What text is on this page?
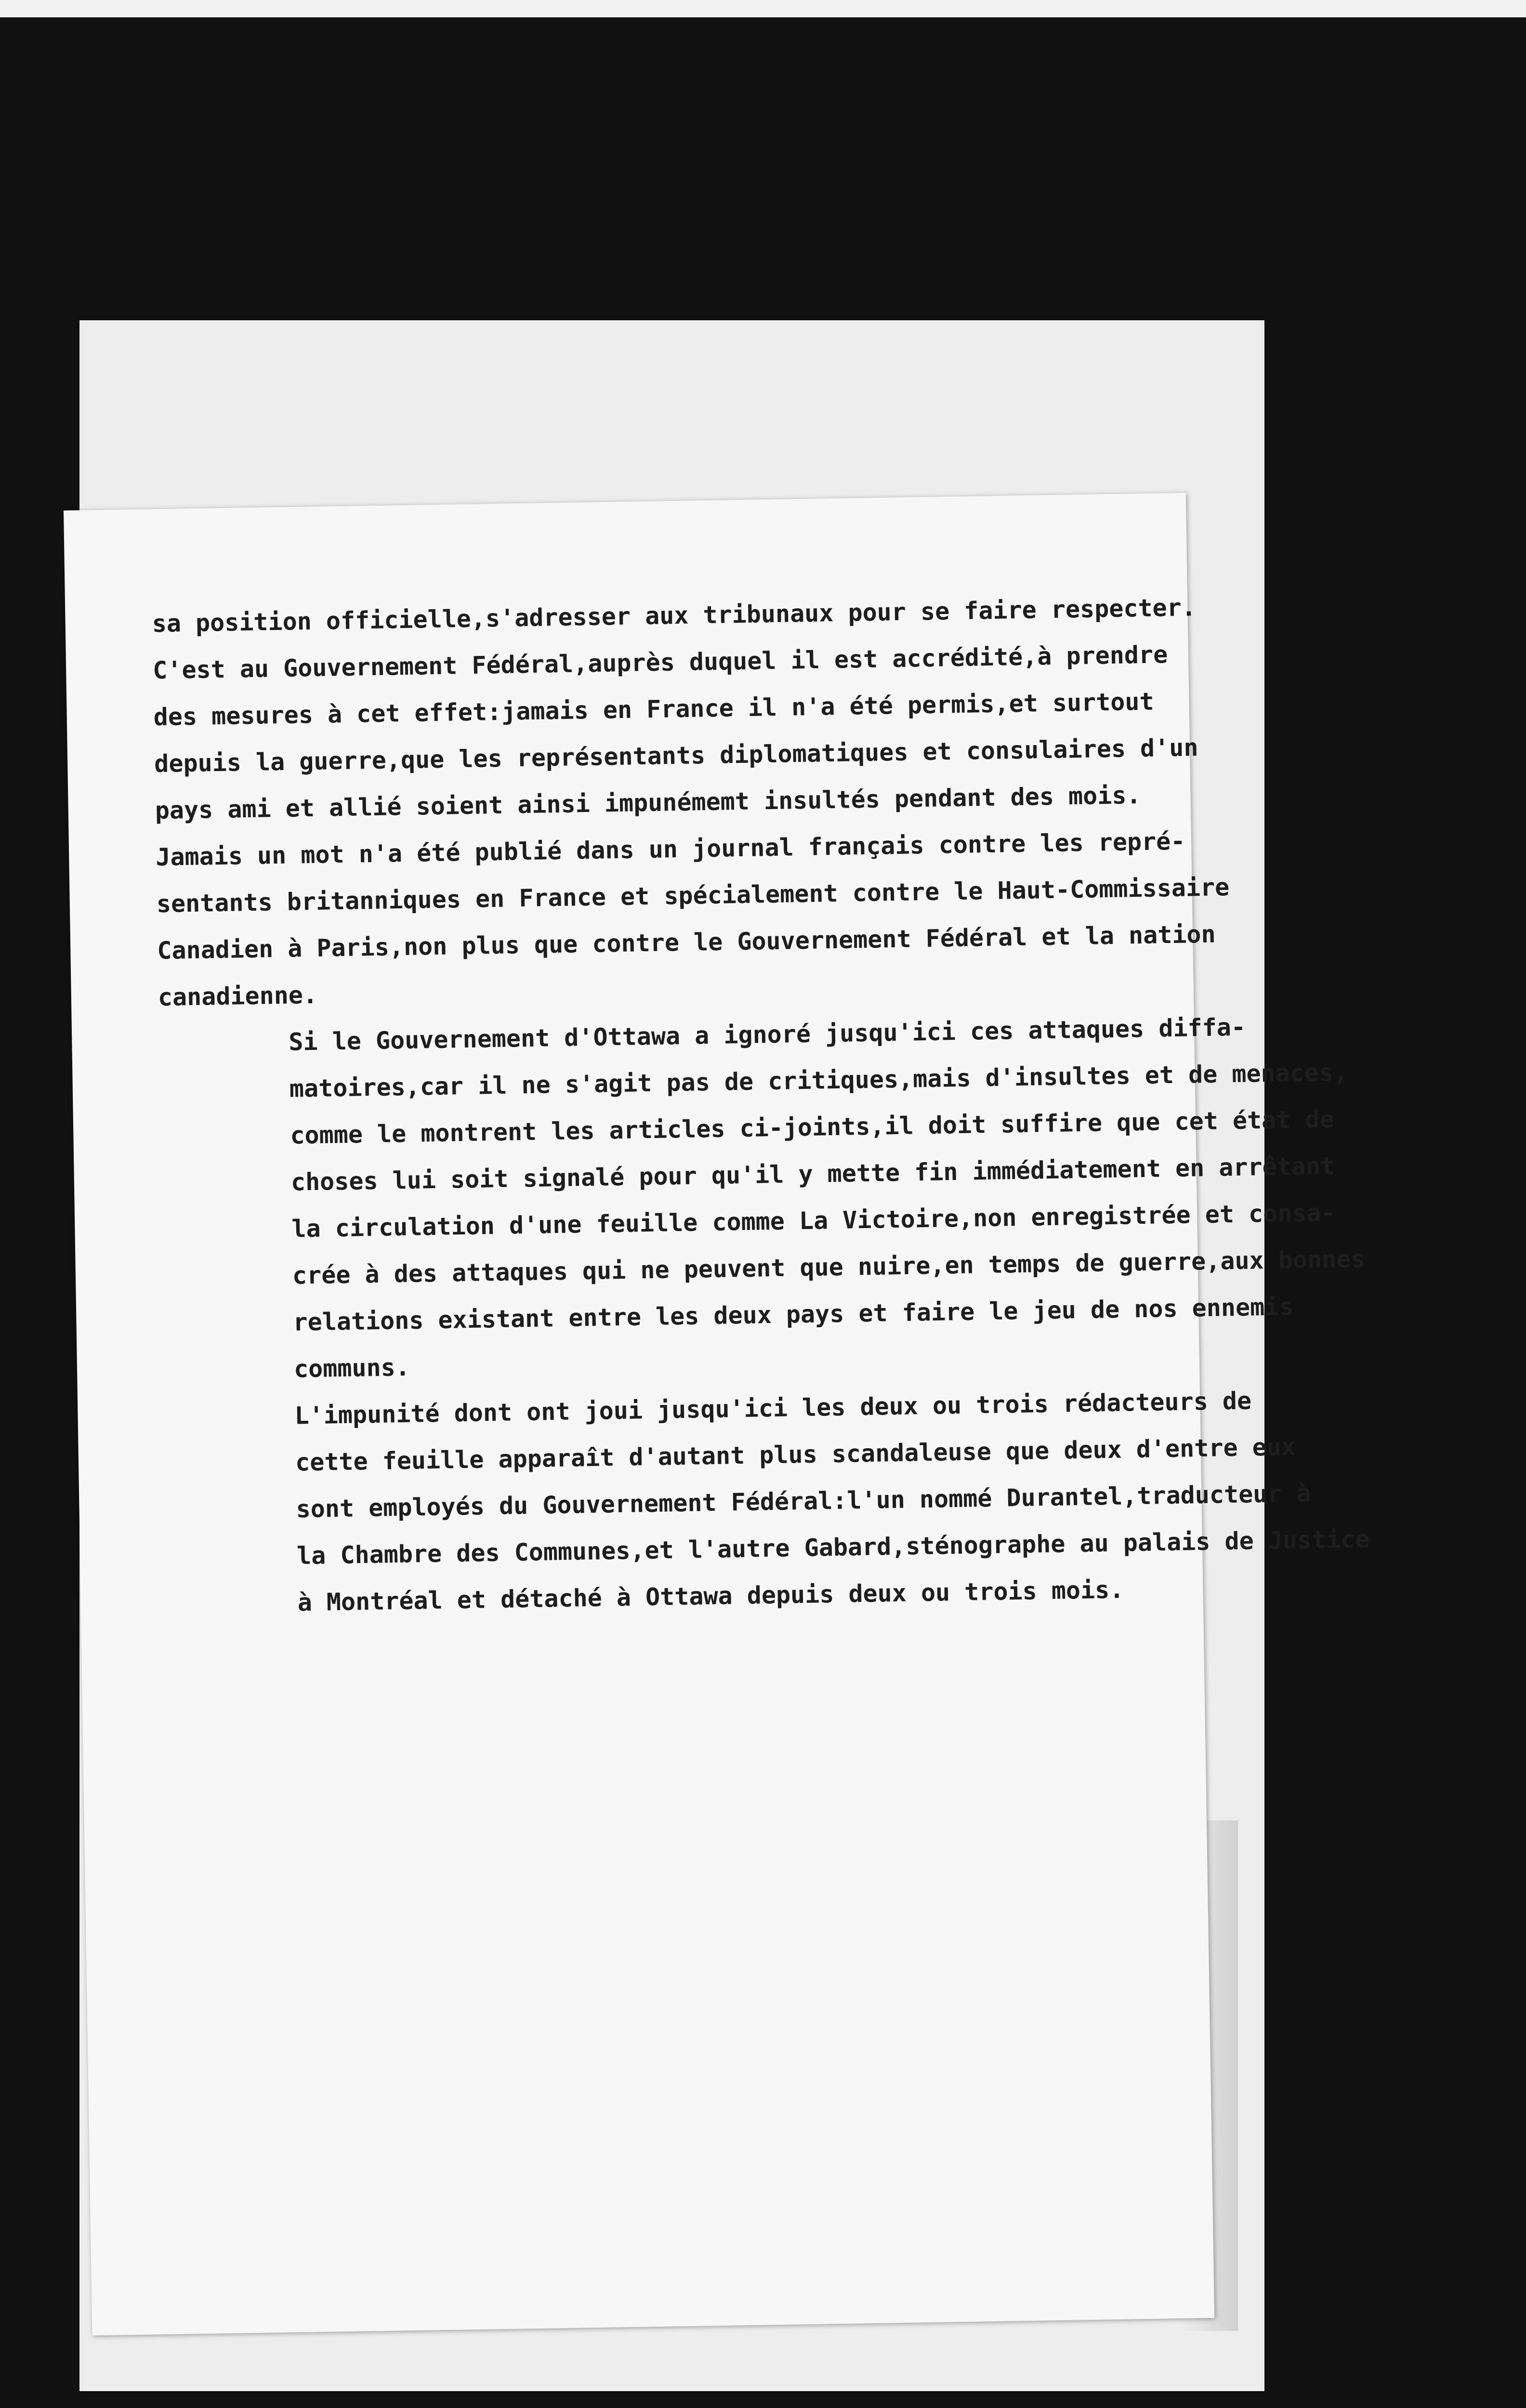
sa position officielle,s'adresser aux tribunaux pour se faire respecter.
C'est au Gouvernement Fédéral,auprès duquel il est accrédité,à prendre
des mesures à cet effet:jamais en France il n'a été permis,et surtout
depuis la guerre,que les représentants diplomatiques et consulaires d'un
pays ami et allié soient ainsi impunémemt insultés pendant des mois.
Jamais un mot n'a été publié dans un journal français contre les repré-
sentants britanniques en France et spécialement contre le Haut-Commissaire
Canadien à Paris,non plus que contre le Gouvernement Fédéral et la nation
canadienne.
Si le Gouvernement d'Ottawa a ignoré jusqu'ici ces attaques diffa-
matoires,car il ne s'agit pas de critiques,mais d'insultes et de menaces,
comme le montrent les articles ci-joints,il doit suffire que cet état de
choses lui soit signalé pour qu'il y mette fin immédiatement en arrêtant
la circulation d'une feuille comme La Victoire,non enregistrée et consa-
crée à des attaques qui ne peuvent que nuire,en temps de guerre,aux bonnes
relations existant entre les deux pays et faire le jeu de nos ennemis
communs.
L'impunité dont ont joui jusqu'ici les deux ou trois rédacteurs de
cette feuille apparaît d'autant plus scandaleuse que deux d'entre eux
sont employés du Gouvernement Fédéral:l'un nommé Durantel,traducteur à
la Chambre des Communes,et l'autre Gabard,sténographe au palais de Justice
à Montréal et détaché à Ottawa depuis deux ou trois mois.
